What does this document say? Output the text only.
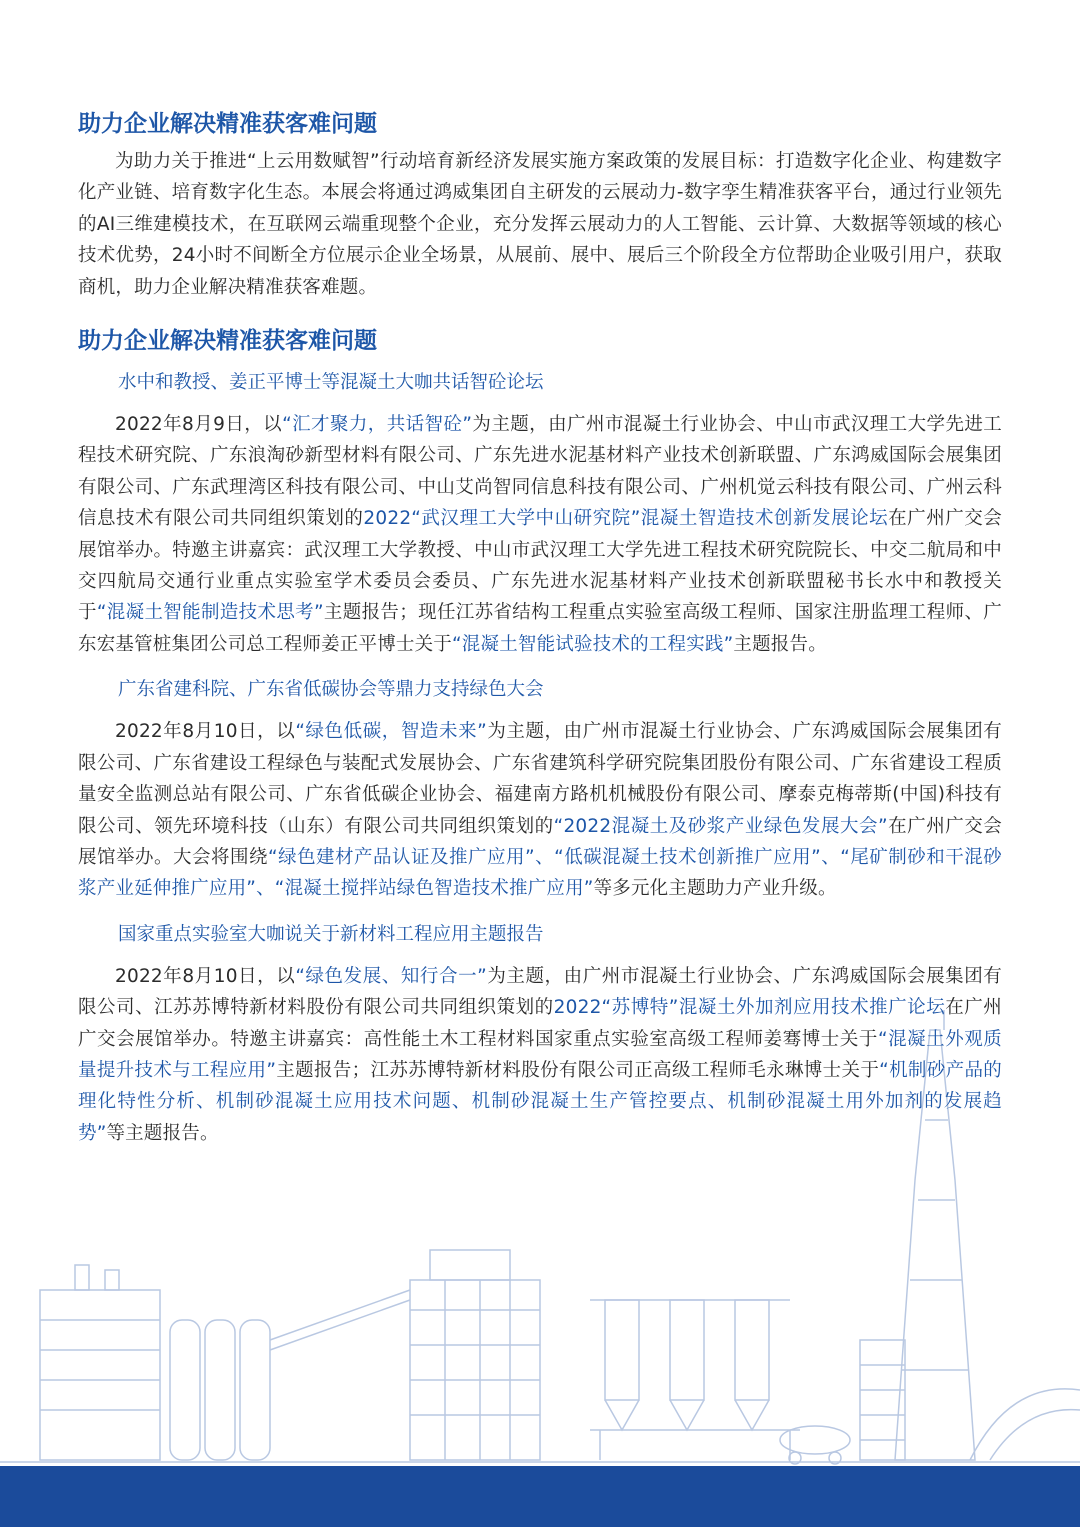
助力企业解决精准获客难问题

为助力关于推进“上云用数赋智”行动培育新经济发展实施方案政策的发展目标：打造数字化企业、构建数字化产业链、培育数字化生态。本展会将通过鸿威集团自主研发的云展动力-数字孪生精准获客平台，通过行业领先的AI三维建模技术，在互联网云端重现整个企业，充分发挥云展动力的人工智能、云计算、大数据等领域的核心技术优势，24小时不间断全方位展示企业全场景，从展前、展中、展后三个阶段全方位帮助企业吸引用户，获取商机，助力企业解决精准获客难题。

助力企业解决精准获客难问题
水中和教授、姜正平博士等混凝土大咖共话智砼论坛

2022年8月9日，以“汇才聚力，共话智砼”为主题，由广州市混凝土行业协会、中山市武汉理工大学先进工程技术研究院、广东浪淘砂新型材料有限公司、广东先进水泥基材料产业技术创新联盟、广东鸿威国际会展集团有限公司、广东武理湾区科技有限公司、中山艾尚智同信息科技有限公司、广州机觉云科技有限公司、广州云科信息技术有限公司共同组织策划的2022“武汉理工大学中山研究院”混凝土智造技术创新发展论坛在广州广交会展馆举办。特邀主讲嘉宾：武汉理工大学教授、中山市武汉理工大学先进工程技术研究院院长、中交二航局和中交四航局交通行业重点实验室学术委员会委员、广东先进水泥基材料产业技术创新联盟秘书长水中和教授关于“混凝土智能制造技术思考”主题报告；现任江苏省结构工程重点实验室高级工程师、国家注册监理工程师、广东宏基管桩集团公司总工程师姜正平博士关于“混凝土智能试验技术的工程实践”主题报告。

广东省建科院、广东省低碳协会等鼎力支持绿色大会

2022年8月10日，以“绿色低碳，智造未来”为主题，由广州市混凝土行业协会、广东鸿威国际会展集团有限公司、广东省建设工程绿色与装配式发展协会、广东省建筑科学研究院集团股份有限公司、广东省建设工程质量安全监测总站有限公司、广东省低碳企业协会、福建南方路机机械股份有限公司、摩泰克梅蒂斯(中国)科技有限公司、领先环境科技（山东）有限公司共同组织策划的“2022混凝土及砂浆产业绿色发展大会”在广州广交会展馆举办。大会将围绕“绿色建材产品认证及推广应用”、“低碳混凝土技术创新推广应用”、“尾矿制砂和干混砂浆产业延伸推广应用”、“混凝土搅拌站绿色智造技术推广应用”等多元化主题助力产业升级。

国家重点实验室大咖说关于新材料工程应用主题报告

2022年8月10日，以“绿色发展、知行合一”为主题，由广州市混凝土行业协会、广东鸿威国际会展集团有限公司、江苏苏博特新材料股份有限公司共同组织策划的2022“苏博特”混凝土外加剂应用技术推广论坛在广州广交会展馆举办。特邀主讲嘉宾：高性能土木工程材料国家重点实验室高级工程师姜骞博士关于“混凝土外观质量提升技术与工程应用”主题报告；江苏苏博特新材料股份有限公司正高级工程师毛永琳博士关于“机制砂产品的理化特性分析、机制砂混凝土应用技术问题、机制砂混凝土生产管控要点、机制砂混凝土用外加剂的发展趋势”等主题报告。
